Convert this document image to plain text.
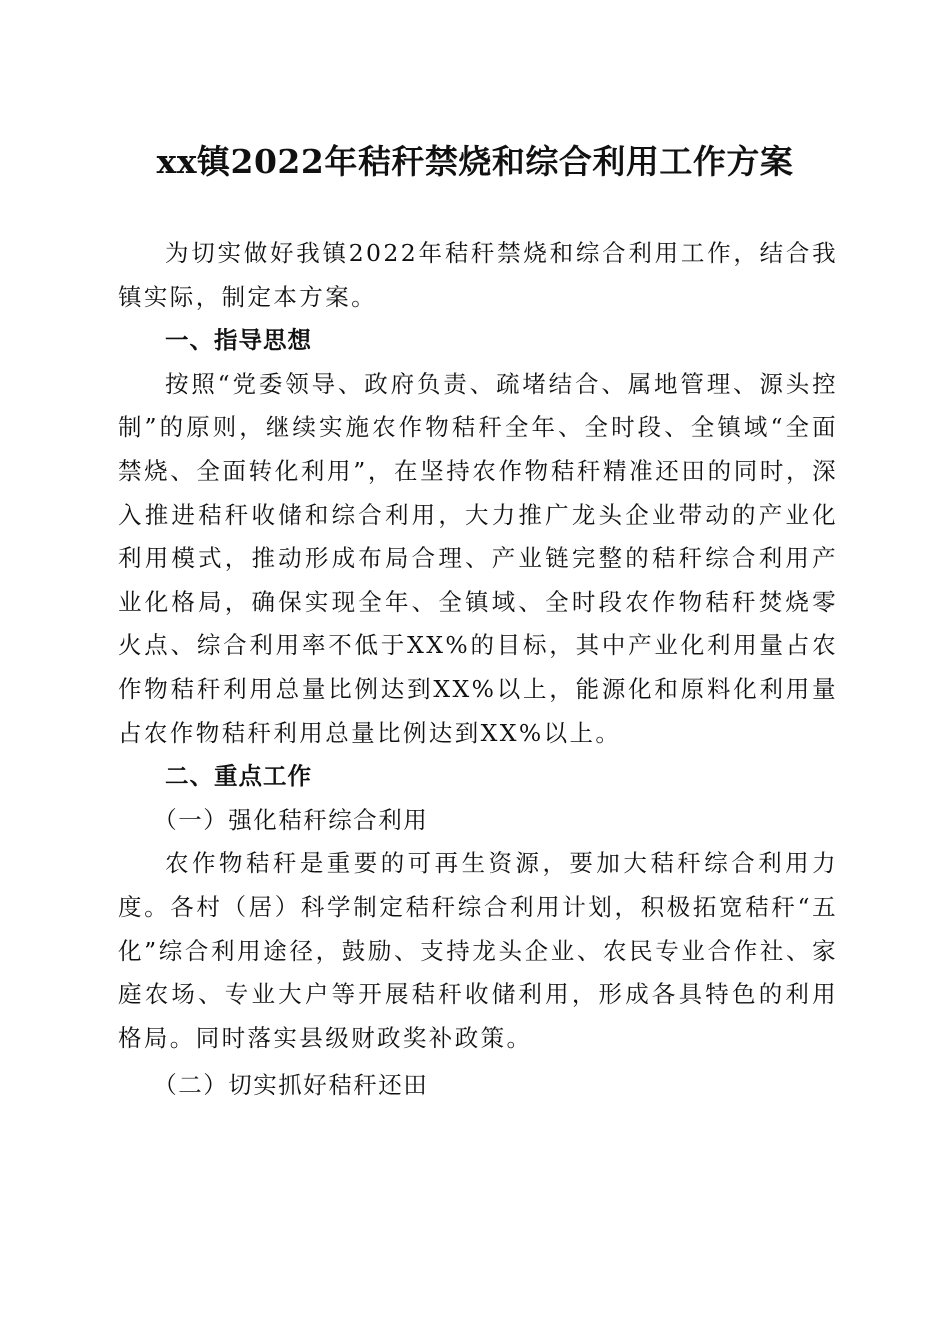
xx镇2022年秸秆禁烧和综合利用工作方案

为切实做好我镇2022年秸秆禁烧和综合利用工作，结合我镇实际，制定本方案。

一、指导思想

按照“党委领导、政府负责、疏堵结合、属地管理、源头控制”的原则，继续实施农作物秸秆全年、全时段、全镇域“全面禁烧、全面转化利用”，在坚持农作物秸秆精准还田的同时，深入推进秸秆收储和综合利用，大力推广龙头企业带动的产业化利用模式，推动形成布局合理、产业链完整的秸秆综合利用产业化格局，确保实现全年、全镇域、全时段农作物秸秆焚烧零火点、综合利用率不低于XX%的目标，其中产业化利用量占农作物秸秆利用总量比例达到XX%以上，能源化和原料化利用量占农作物秸秆利用总量比例达到XX%以上。

二、重点工作

（一）强化秸秆综合利用

农作物秸秆是重要的可再生资源，要加大秸秆综合利用力度。各村（居）科学制定秸秆综合利用计划，积极拓宽秸秆“五化”综合利用途径，鼓励、支持龙头企业、农民专业合作社、家庭农场、专业大户等开展秸秆收储利用，形成各具特色的利用格局。同时落实县级财政奖补政策。

（二）切实抓好秸秆还田
